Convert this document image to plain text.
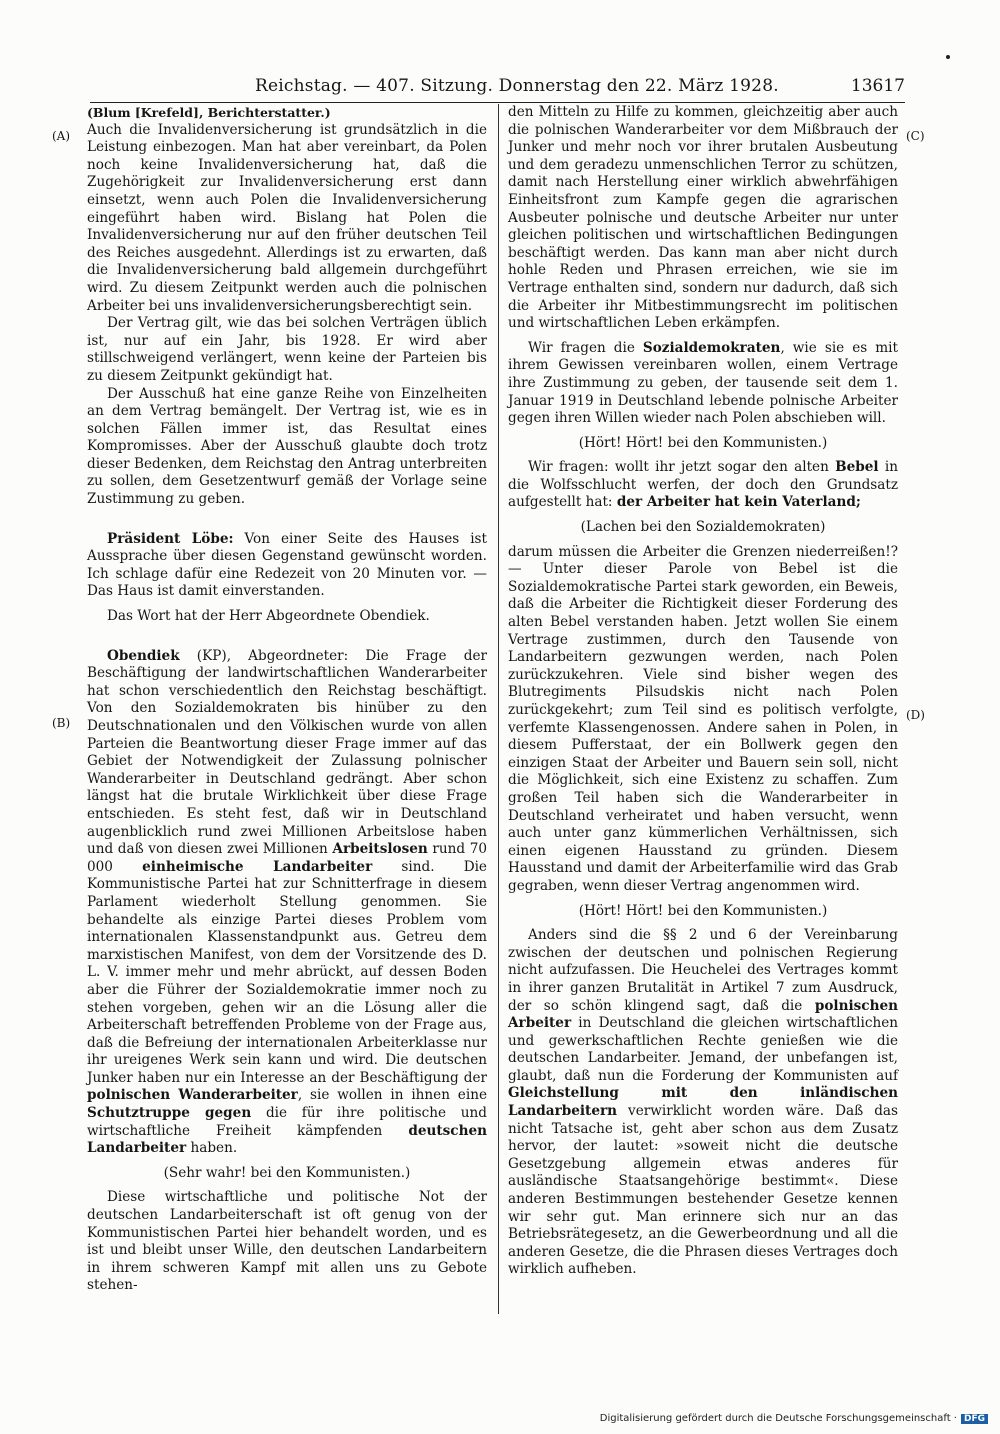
Reichstag. — 407. Sitzung. Donnerstag den 22. März 1928.	13617
(A)
(B)
(C)
(D)

(Blum [Krefeld], Berichterstatter.)

Auch die Invalidenversicherung ist grundsätzlich in die Leistung einbezogen. Man hat aber vereinbart, da Polen noch keine Invalidenversicherung hat, daß die Zugehörigkeit zur Invalidenversicherung erst dann einsetzt, wenn auch Polen die Invalidenversicherung eingeführt haben wird. Bislang hat Polen die Invalidenversicherung nur auf den früher deutschen Teil des Reiches ausgedehnt. Allerdings ist zu erwarten, daß die Invalidenversicherung bald allgemein durchgeführt wird. Zu diesem Zeitpunkt werden auch die polnischen Arbeiter bei uns invalidenversicherungsberechtigt sein.

Der Vertrag gilt, wie das bei solchen Verträgen üblich ist, nur auf ein Jahr, bis 1928. Er wird aber stillschweigend verlängert, wenn keine der Parteien bis zu diesem Zeitpunkt gekündigt hat.

Der Ausschuß hat eine ganze Reihe von Einzelheiten an dem Vertrag bemängelt. Der Vertrag ist, wie es in solchen Fällen immer ist, das Resultat eines Kompromisses. Aber der Ausschuß glaubte doch trotz dieser Bedenken, dem Reichstag den Antrag unterbreiten zu sollen, dem Gesetzentwurf gemäß der Vorlage seine Zustimmung zu geben.

Präsident Löbe: Von einer Seite des Hauses ist Aussprache über diesen Gegenstand gewünscht worden. Ich schlage dafür eine Redezeit von 20 Minuten vor. — Das Haus ist damit einverstanden.

Das Wort hat der Herr Abgeordnete Obendiek.

Obendiek (KP), Abgeordneter: Die Frage der Beschäftigung der landwirtschaftlichen Wanderarbeiter hat schon verschiedentlich den Reichstag beschäftigt. Von den Sozialdemokraten bis hinüber zu den Deutschnationalen und den Völkischen wurde von allen Parteien die Beantwortung dieser Frage immer auf das Gebiet der Notwendigkeit der Zulassung polnischer Wanderarbeiter in Deutschland gedrängt. Aber schon längst hat die brutale Wirklichkeit über diese Frage entschieden. Es steht fest, daß wir in Deutschland augenblicklich rund zwei Millionen Arbeitslose haben und daß von diesen zwei Millionen Arbeitslosen rund 70 000 einheimische Landarbeiter sind. Die Kommunistische Partei hat zur Schnitterfrage in diesem Parlament wiederholt Stellung genommen. Sie behandelte als einzige Partei dieses Problem vom internationalen Klassenstandpunkt aus. Getreu dem marxistischen Manifest, von dem der Vorsitzende des D. L. V. immer mehr und mehr abrückt, auf dessen Boden aber die Führer der Sozialdemokratie immer noch zu stehen vorgeben, gehen wir an die Lösung aller die Arbeiterschaft betreffenden Probleme von der Frage aus, daß die Befreiung der internationalen Arbeiterklasse nur ihr ureigenes Werk sein kann und wird. Die deutschen Junker haben nur ein Interesse an der Beschäftigung der polnischen Wanderarbeiter, sie wollen in ihnen eine Schutztruppe gegen die für ihre politische und wirtschaftliche Freiheit kämpfenden deutschen Landarbeiter haben.

(Sehr wahr! bei den Kommunisten.)

Diese wirtschaftliche und politische Not der deutschen Landarbeiterschaft ist oft genug von der Kommunistischen Partei hier behandelt worden, und es ist und bleibt unser Wille, den deutschen Landarbeitern in ihrem schweren Kampf mit allen uns zu Gebote stehen-

den Mitteln zu Hilfe zu kommen, gleichzeitig aber auch die polnischen Wanderarbeiter vor dem Mißbrauch der Junker und mehr noch vor ihrer brutalen Ausbeutung und dem geradezu unmenschlichen Terror zu schützen, damit nach Herstellung einer wirklich abwehrfähigen Einheitsfront zum Kampfe gegen die agrarischen Ausbeuter polnische und deutsche Arbeiter nur unter gleichen politischen und wirtschaftlichen Bedingungen beschäftigt werden. Das kann man aber nicht durch hohle Reden und Phrasen erreichen, wie sie im Vertrage enthalten sind, sondern nur dadurch, daß sich die Arbeiter ihr Mitbestimmungsrecht im politischen und wirtschaftlichen Leben erkämpfen.

Wir fragen die Sozialdemokraten, wie sie es mit ihrem Gewissen vereinbaren wollen, einem Vertrage ihre Zustimmung zu geben, der tausende seit dem 1. Januar 1919 in Deutschland lebende polnische Arbeiter gegen ihren Willen wieder nach Polen abschieben will.

(Hört! Hört! bei den Kommunisten.)

Wir fragen: wollt ihr jetzt sogar den alten Bebel in die Wolfsschlucht werfen, der doch den Grundsatz aufgestellt hat: der Arbeiter hat kein Vaterland;

(Lachen bei den Sozialdemokraten)

darum müssen die Arbeiter die Grenzen niederreißen!? — Unter dieser Parole von Bebel ist die Sozialdemokratische Partei stark geworden, ein Beweis, daß die Arbeiter die Richtigkeit dieser Forderung des alten Bebel verstanden haben. Jetzt wollen Sie einem Vertrage zustimmen, durch den Tausende von Landarbeitern gezwungen werden, nach Polen zurückzukehren. Viele sind bisher wegen des Blutregiments Pilsudskis nicht nach Polen zurückgekehrt; zum Teil sind es politisch verfolgte, verfemte Klassengenossen. Andere sahen in Polen, in diesem Pufferstaat, der ein Bollwerk gegen den einzigen Staat der Arbeiter und Bauern sein soll, nicht die Möglichkeit, sich eine Existenz zu schaffen. Zum großen Teil haben sich die Wanderarbeiter in Deutschland verheiratet und haben versucht, wenn auch unter ganz kümmerlichen Verhältnissen, sich einen eigenen Hausstand zu gründen. Diesem Hausstand und damit der Arbeiterfamilie wird das Grab gegraben, wenn dieser Vertrag angenommen wird.

(Hört! Hört! bei den Kommunisten.)

Anders sind die §§ 2 und 6 der Vereinbarung zwischen der deutschen und polnischen Regierung nicht aufzufassen. Die Heuchelei des Vertrages kommt in ihrer ganzen Brutalität in Artikel 7 zum Ausdruck, der so schön klingend sagt, daß die polnischen Arbeiter in Deutschland die gleichen wirtschaftlichen und gewerkschaftlichen Rechte genießen wie die deutschen Landarbeiter. Jemand, der unbefangen ist, glaubt, daß nun die Forderung der Kommunisten auf Gleichstellung mit den inländischen Landarbeitern verwirklicht worden wäre. Daß das nicht Tatsache ist, geht aber schon aus dem Zusatz hervor, der lautet: »soweit nicht die deutsche Gesetzgebung allgemein etwas anderes für ausländische Staatsangehörige bestimmt«. Diese anderen Bestimmungen bestehender Gesetze kennen wir sehr gut. Man erinnere sich nur an das Betriebsrätegesetz, an die Gewerbeordnung und all die anderen Gesetze, die die Phrasen dieses Vertrages doch wirklich aufheben.

Digitalisierung gefördert durch die Deutsche Forschungsgemeinschaft · DFG
